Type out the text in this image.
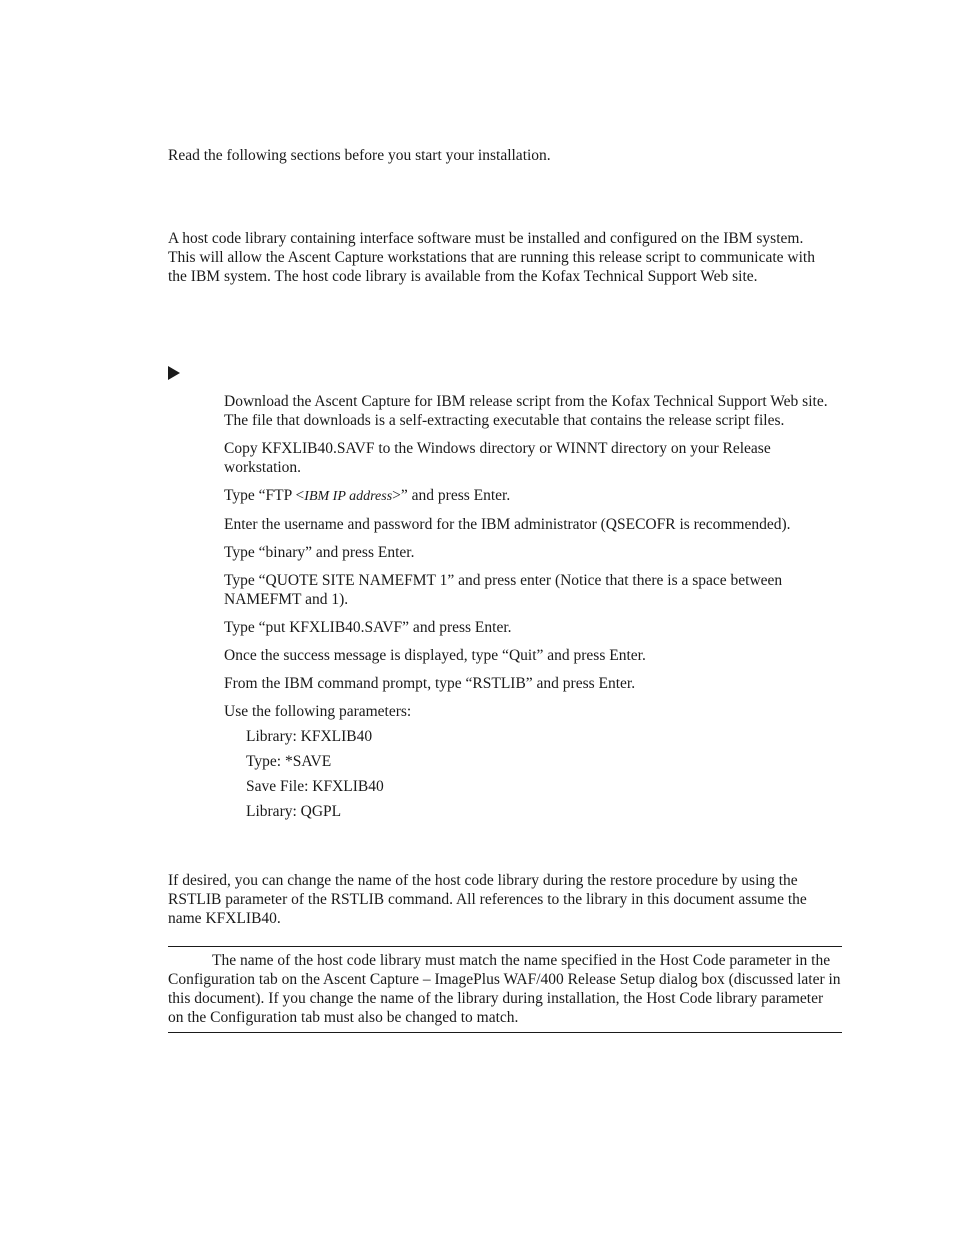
Read the following sections before you start your installation.

A host code library containing interface software must be installed and configured on the IBM system. This will allow the Ascent Capture workstations that are running this release script to communicate with the IBM system. The host code library is available from the Kofax Technical Support Web site.

Download the Ascent Capture for IBM release script from the Kofax Technical Support Web site. The file that downloads is a self-extracting executable that contains the release script files.
Copy KFXLIB40.SAVF to the Windows directory or WINNT directory on your Release workstation.
Type “FTP <IBM IP address>” and press Enter.
Enter the username and password for the IBM administrator (QSECOFR is recommended).
Type “binary” and press Enter.
Type “QUOTE SITE NAMEFMT 1” and press enter (Notice that there is a space between NAMEFMT and 1).
Type “put KFXLIB40.SAVF” and press Enter.
Once the success message is displayed, type “Quit” and press Enter.
From the IBM command prompt, type “RSTLIB” and press Enter.
Use the following parameters:
Library: KFXLIB40
Type: *SAVE
Save File: KFXLIB40
Library: QGPL

If desired, you can change the name of the host code library during the restore procedure by using the RSTLIB parameter of the RSTLIB command. All references to the library in this document assume the name KFXLIB40.

The name of the host code library must match the name specified in the Host Code parameter in the Configuration tab on the Ascent Capture – ImagePlus WAF/400 Release Setup dialog box (discussed later in this document). If you change the name of the library during installation, the Host Code library parameter on the Configuration tab must also be changed to match.
